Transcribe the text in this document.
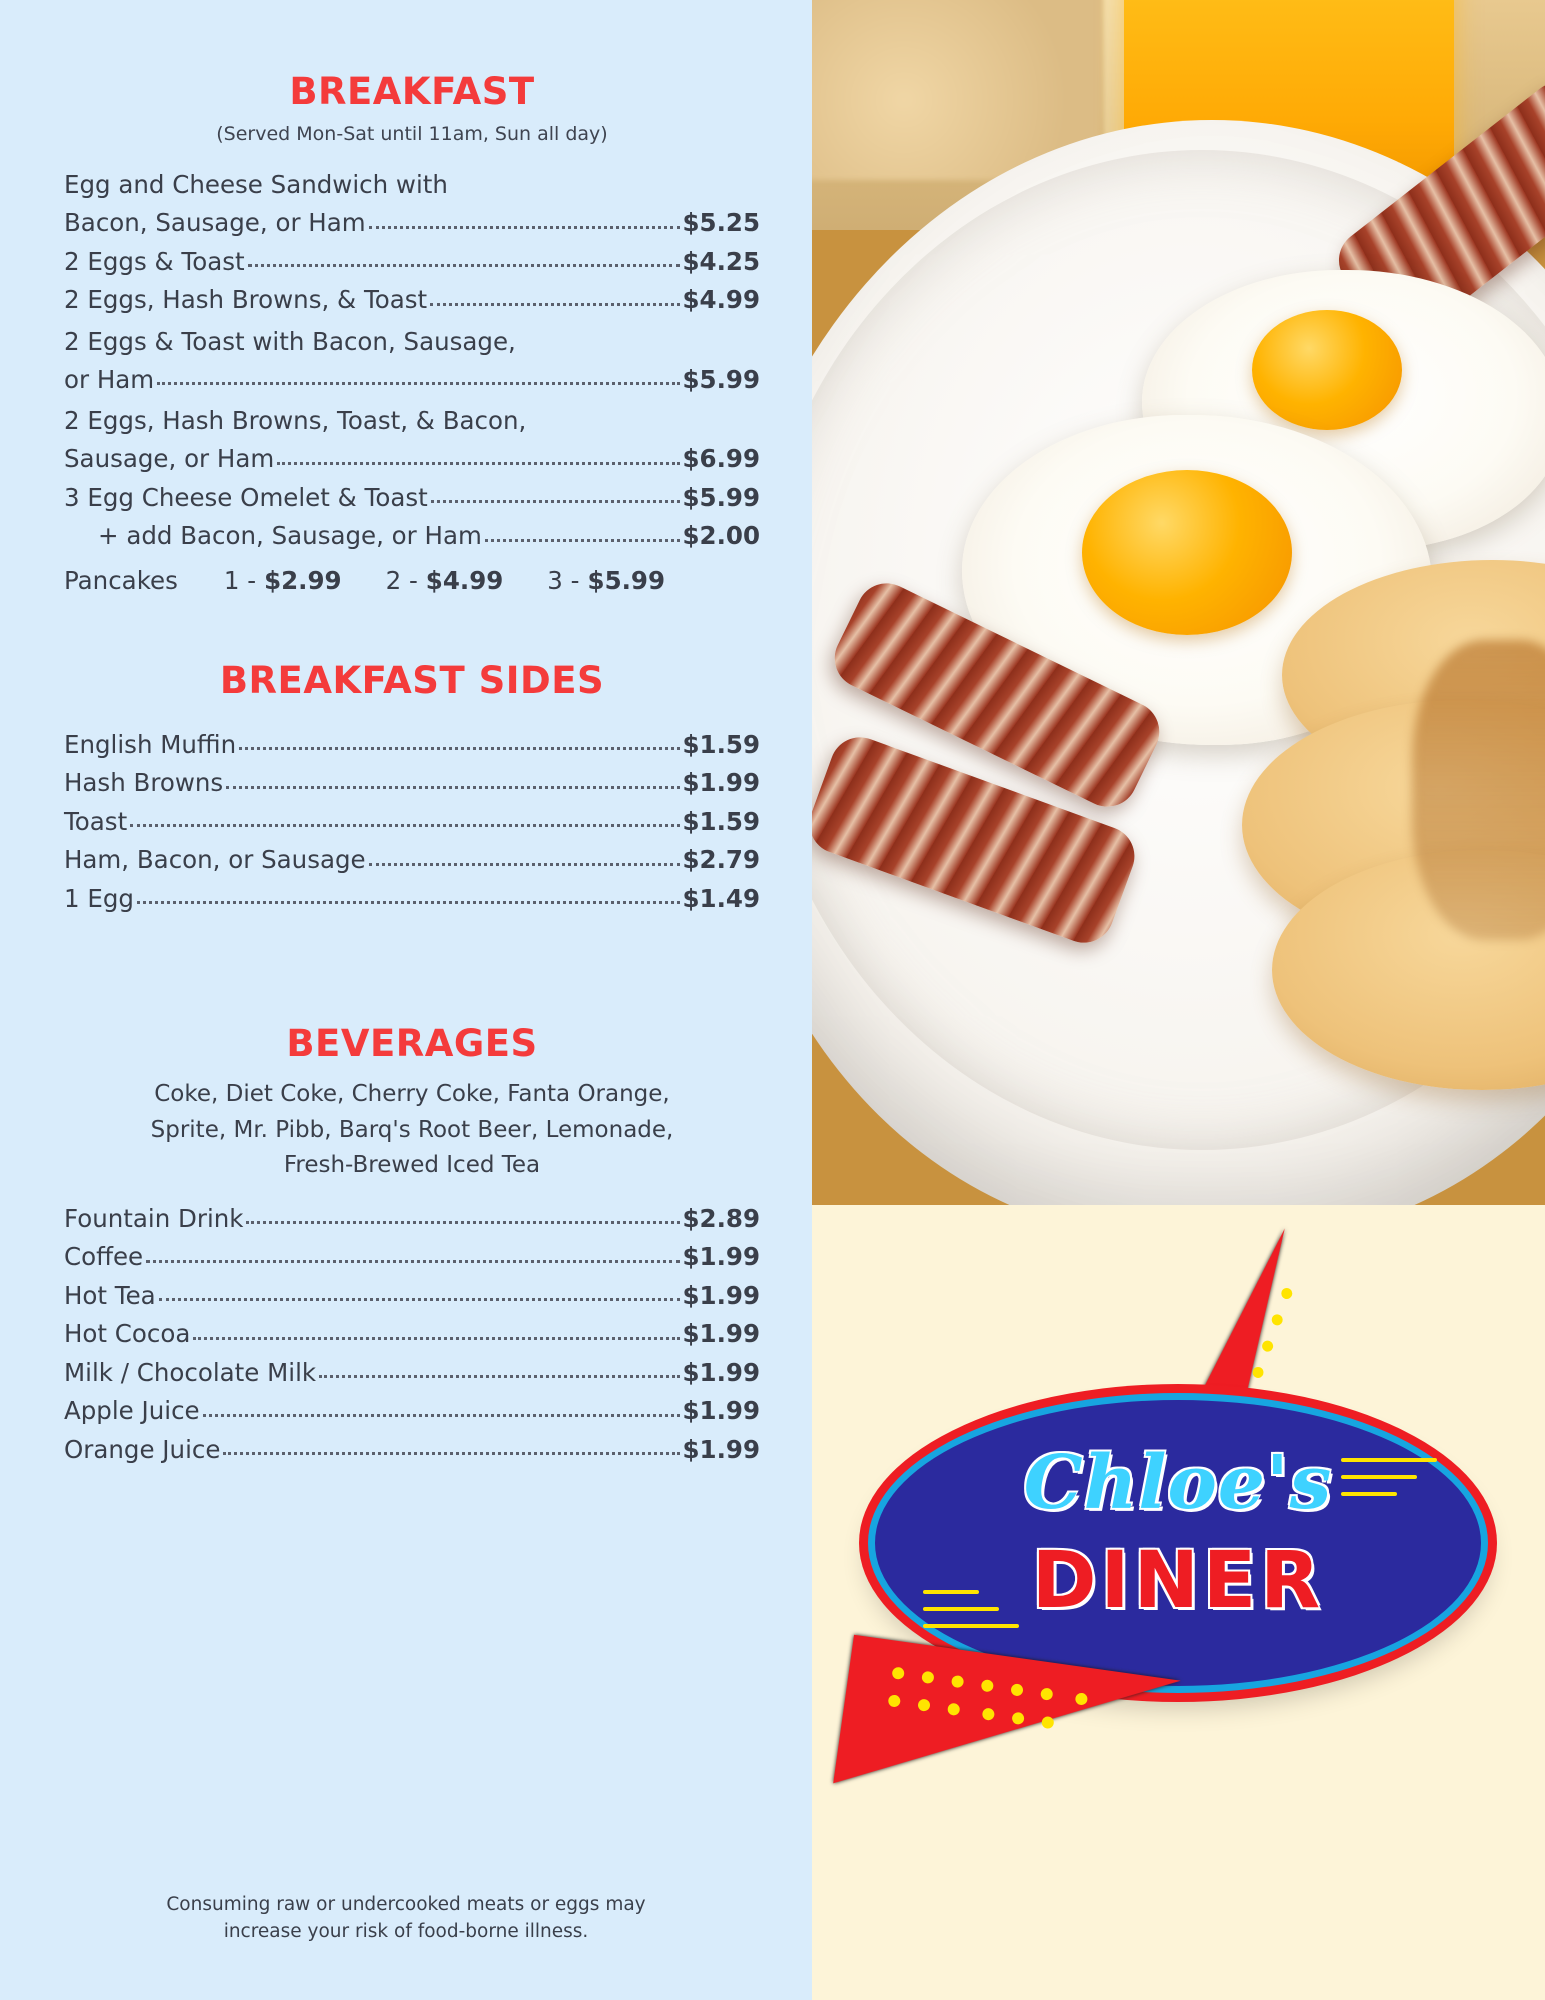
BREAKFAST
(Served Mon-Sat until 11am, Sun all day)
Egg and Cheese Sandwich with
Bacon, Sausage, or Ham	$5.25
2 Eggs & Toast	$4.25
2 Eggs, Hash Browns, & Toast	$4.99
2 Eggs & Toast with Bacon, Sausage,
or Ham	$5.99
2 Eggs, Hash Browns, Toast, & Bacon,
Sausage, or Ham	$6.99
3 Egg Cheese Omelet & Toast	$5.99
+ add Bacon, Sausage, or Ham	$2.00
Pancakes 1 - $2.99 2 - $4.99 3 - $5.99
BREAKFAST SIDES
English Muffin	$1.59
Hash Browns	$1.99
Toast	$1.59
Ham, Bacon, or Sausage	$2.79
1 Egg	$1.49
BEVERAGES
Coke, Diet Coke, Cherry Coke, Fanta Orange,
Sprite, Mr. Pibb, Barq's Root Beer, Lemonade,
Fresh-Brewed Iced Tea
Fountain Drink	$2.89
Coffee	$1.99
Hot Tea	$1.99
Hot Cocoa	$1.99
Milk / Chocolate Milk	$1.99
Apple Juice	$1.99
Orange Juice	$1.99
Consuming raw or undercooked meats or eggs may
increase your risk of food-borne illness.
Chloe's
DINER
